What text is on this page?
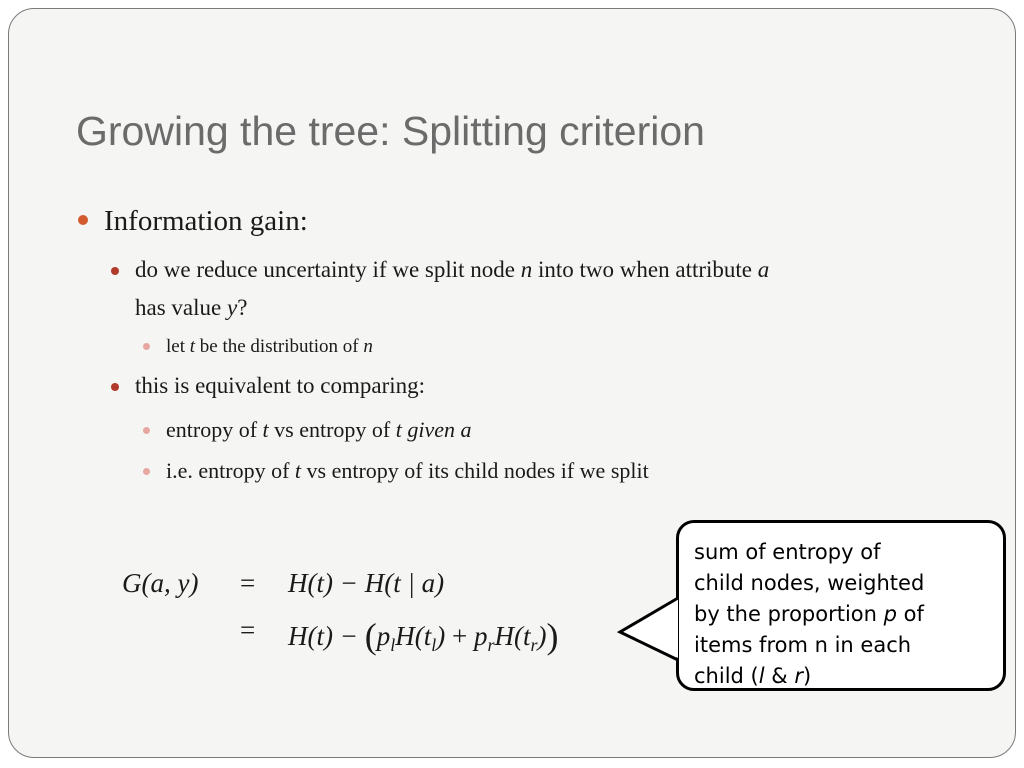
Growing the tree: Splitting criterion
Information gain:
do we reduce uncertainty if we split node n into two when attribute a
has value y?
let t be the distribution of n
this is equivalent to comparing:
entropy of t vs entropy of t given a
i.e. entropy of t vs entropy of its child nodes if we split
G(a, y) = H(t) − H(t | a)
= $H(t) - (p_lH(t_l) + p_rH(t_r))$
sum of entropy of
child nodes, weighted
by the proportion p of
items from n in each
child (l & r)
